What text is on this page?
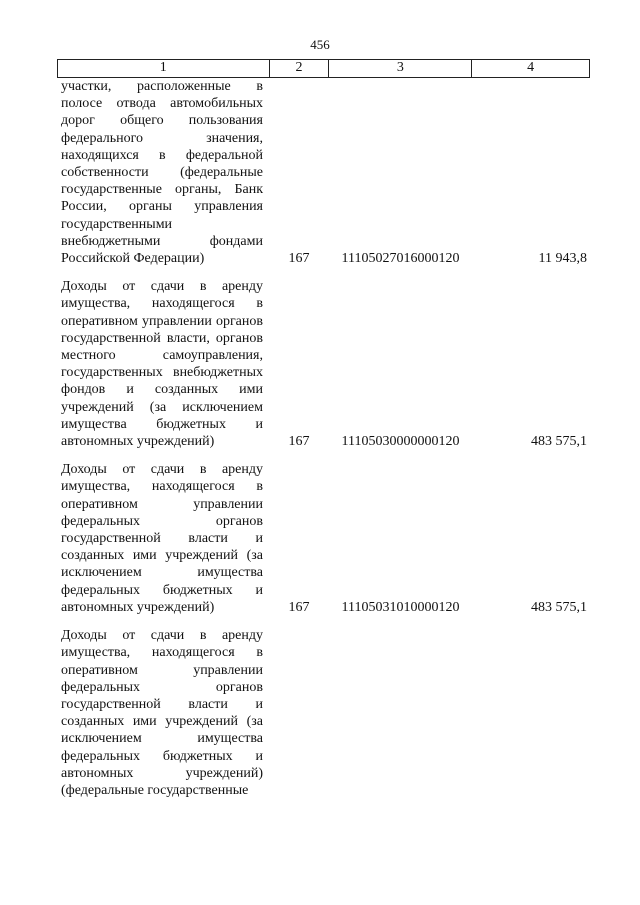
456
1	2	3	4
участки, расположенные в полосе отвода автомобильных дорог общего пользования федерального значения, находящихся в федеральной собственности (федеральные государственные органы, Банк России, органы управления государственными внебюджетными фондами Российской Федерации)	167	11105027016000120	11 943,8
Доходы от сдачи в аренду имущества, находящегося в оперативном управлении органов государственной власти, органов местного самоуправления, государственных внебюджетных фондов и созданных ими учреждений (за исключением имущества бюджетных и автономных учреждений)	167	11105030000000120	483 575,1
Доходы от сдачи в аренду имущества, находящегося в оперативном управлении федеральных органов государственной власти и созданных ими учреждений (за исключением имущества федеральных бюджетных и автономных учреждений)	167	11105031010000120	483 575,1
Доходы от сдачи в аренду имущества, находящегося в оперативном управлении федеральных органов государственной власти и созданных ими учреждений (за исключением имущества федеральных бюджетных и автономных учреждений) (федеральные государственные
